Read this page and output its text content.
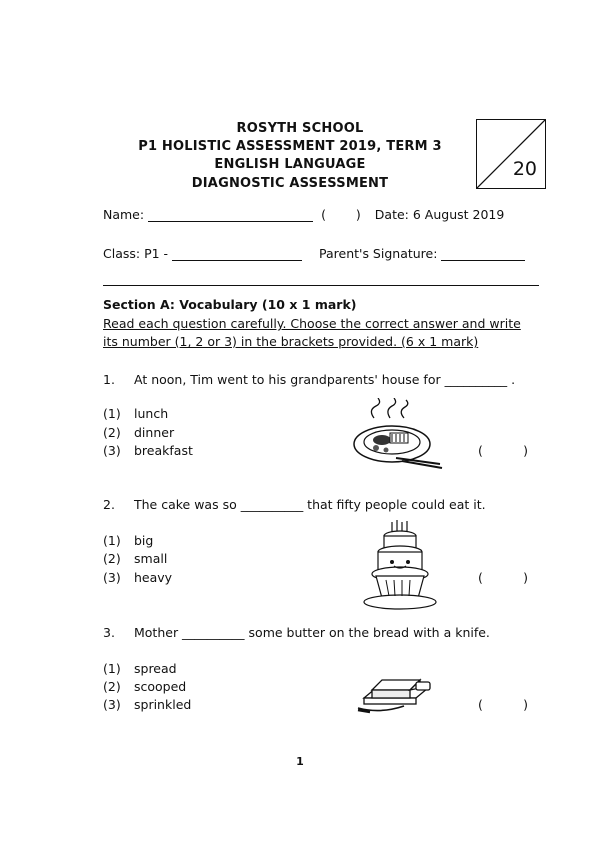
ROSYTH SCHOOL
P1 HOLISTIC ASSESSMENT 2019, TERM 3
ENGLISH LANGUAGE
DIAGNOSTIC ASSESSMENT
20
Name:	( ) Date: 6 August 2019
Class: P1 -	Parent's Signature:
Section A: Vocabulary (10 x 1 mark)
Read each question carefully. Choose the correct answer and write
its number (1, 2 or 3) in the brackets provided. (6 x 1 mark)
1. At noon, Tim went to his grandparents' house for __________ .
(1) lunch
(2) dinner
(3) breakfast	(	)
2. The cake was so __________ that fifty people could eat it.
(1) big
(2) small
(3) heavy	(	)
3. Mother __________ some butter on the bread with a knife.
(1) spread
(2) scooped
(3) sprinkled	(	)
1
